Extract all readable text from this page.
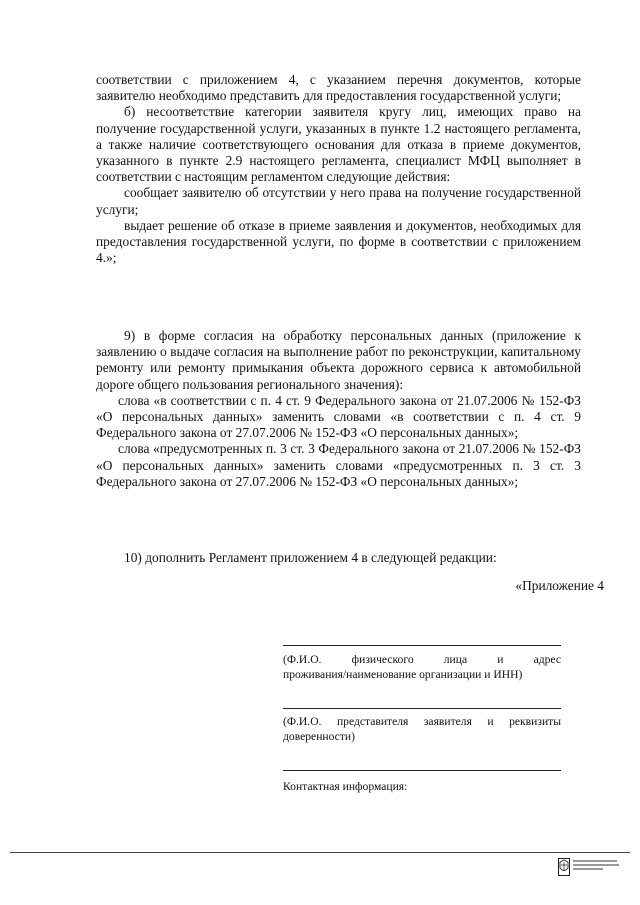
соответствии с приложением 4, с указанием перечня документов, которые заявителю необходимо представить для предоставления государственной услуги;

б) несоответствие категории заявителя кругу лиц, имеющих право на получение государственной услуги, указанных в пункте 1.2 настоящего регламента, а также наличие соответствующего основания для отказа в приеме документов, указанного в пункте 2.9 настоящего регламента, специалист МФЦ выполняет в соответствии с настоящим регламентом следующие действия:

сообщает заявителю об отсутствии у него права на получение государственной услуги;

выдает решение об отказе в приеме заявления и документов, необходимых для предоставления государственной услуги, по форме в соответствии с приложением 4.»;

9) в форме согласия на обработку персональных данных (приложение к заявлению о выдаче согласия на выполнение работ по реконструкции, капитальному ремонту или ремонту примыкания объекта дорожного сервиса к автомобильной дороге общего пользования регионального значения):

слова «в соответствии с п. 4 ст. 9 Федерального закона от 21.07.2006 № 152-ФЗ «О персональных данных» заменить словами «в соответствии с п. 4 ст. 9 Федерального закона от 27.07.2006 № 152-ФЗ «О персональных данных»;

слова «предусмотренных п. 3 ст. 3 Федерального закона от 21.07.2006 № 152-ФЗ «О персональных данных» заменить словами «предусмотренных п. 3 ст. 3 Федерального закона от 27.07.2006 № 152-ФЗ «О персональных данных»;

10) дополнить Регламент приложением 4 в следующей редакции:

«Приложение 4

(Ф.И.О. физического лица и адрес

проживания/наименование организации и ИНН)

(Ф.И.О. представителя заявителя и реквизиты

доверенности)

Контактная информация:
